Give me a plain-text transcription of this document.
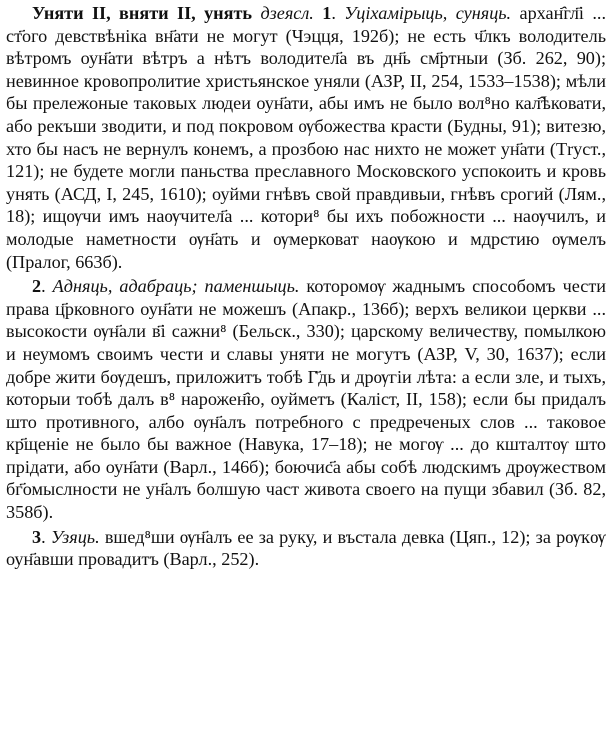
Уняти II, вняти II, унять дзеясл. 1. Уціхамірыць, суняць. архан҄гл҃і ... ст҃ого девствѣніка вн҃ати не могут (Чэцця, 192б); не есть ч҃лкъ володитель вѣтромъ оун҃ати вѣтръ а нѣтъ володител҃а въ дн҃ь см҃ртныи (Зб. 262, 90); невинное кровопролитие христьянское уняли (АЗР, II, 254, 1533–1538); мѣли бы прележоные таковых людеи оун҃ати, абы имъ не было вол⁸но кал҄ѣковати, або рекъши зводити, и под покровом ѹбожества красти (Будны, 91); витезю, хто бы насъ не вернулъ конемъ, а прозбою нас нихто не может ун҃ати (Тryст., 121); не будете могли паньства преславного Московского успокоить и кровь унять (АСД, I, 245, 1610); оуйми гнѣвъ свой правдивыи, гнѣвъ срогий (Лям., 18); ищѹчи имъ наѹчител҃а ... котори⁸ бы ихъ побожности ... наѹчилъ, и молодые наметности ѹн҃ать и ѹмерковат наѹкою и мдрстию ѹмелъ (Пралог, 663б).

2. Адняць, адабраць; паменшыць. которомѹ жаднымъ способомъ чести права ц҃рковного оун҃ати не можешъ (Апакр., 136б); верхъ великои церкви ... высокости ѹн҃али в҃і сажни⁸ (Бельск., 330); царскому величеству, помылкою и неумомъ своимъ чести и славы уняти не могутъ (АЗР, V, 30, 1637); если добре жити бѹдешъ, приложитъ тобѣ Г҃дь и дрѹгіи лѣта: а если зле, и тыхъ, которыи тобѣ далъ в⁸ нарожен҄ю, оуйметъ (Каліст, II, 158); если бы придалъ што противного, албо ѹн҃алъ потребного с предреченых слов ... таковое кр҃щеніе не было бы важное (Навука, 17–18); не могѹ ... до кшталтѹ што прідати, або оун҃ати (Варл., 146б); боючис҃а абы собѣ людскимъ дрѹжеством бг҃омыслности не ун҃алъ болшую част живота своего на пущи збавил (Зб. 82, 358б).

3. Узяць. вшед⁸ши ѹн҃алъ ее за руку, и въстала девка (Цяп., 12); за рѹкѹ оун҃авши провадитъ (Варл., 252).
